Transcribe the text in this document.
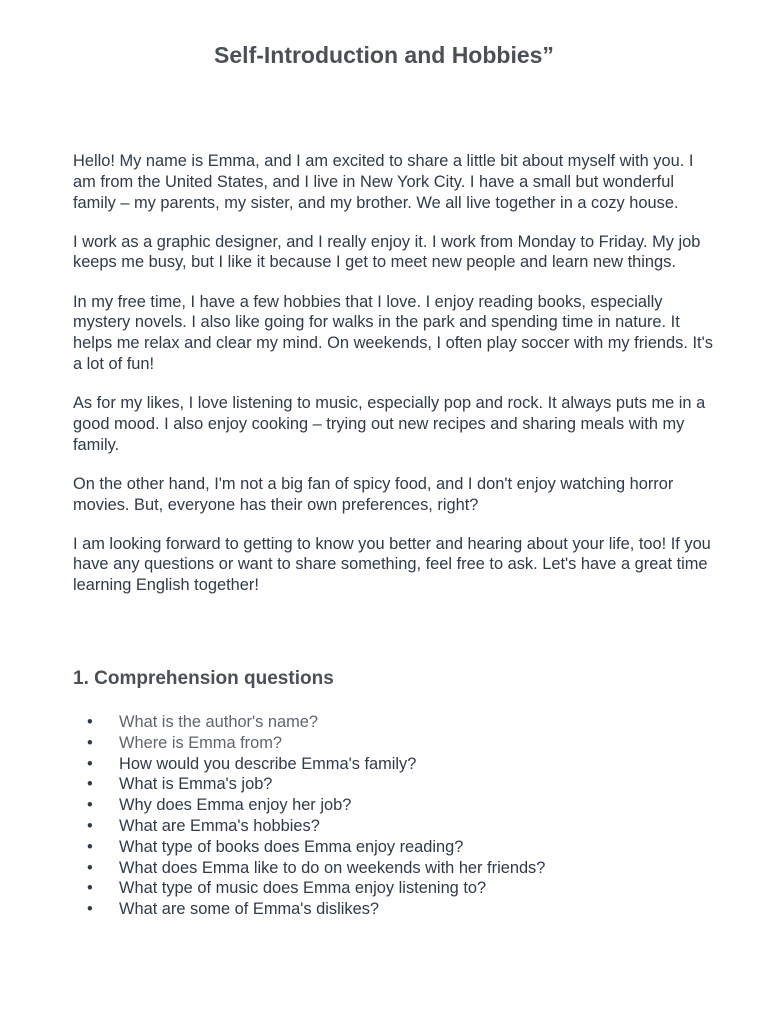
Self-Introduction and Hobbies”

Hello! My name is Emma, and I am excited to share a little bit about myself with you. I am from the United States, and I live in New York City. I have a small but wonderful family – my parents, my sister, and my brother. We all live together in a cozy house.

I work as a graphic designer, and I really enjoy it. I work from Monday to Friday. My job keeps me busy, but I like it because I get to meet new people and learn new things.

In my free time, I have a few hobbies that I love. I enjoy reading books, especially mystery novels. I also like going for walks in the park and spending time in nature. It helps me relax and clear my mind. On weekends, I often play soccer with my friends. It's a lot of fun!

As for my likes, I love listening to music, especially pop and rock. It always puts me in a good mood. I also enjoy cooking – trying out new recipes and sharing meals with my family.

On the other hand, I'm not a big fan of spicy food, and I don't enjoy watching horror movies. But, everyone has their own preferences, right?

I am looking forward to getting to know you better and hearing about your life, too! If you have any questions or want to share something, feel free to ask. Let's have a great time learning English together!

1. Comprehension questions
• What is the author's name?
• Where is Emma from?
• How would you describe Emma's family?
• What is Emma's job?
• Why does Emma enjoy her job?
• What are Emma's hobbies?
• What type of books does Emma enjoy reading?
• What does Emma like to do on weekends with her friends?
• What type of music does Emma enjoy listening to?
• What are some of Emma's dislikes?
